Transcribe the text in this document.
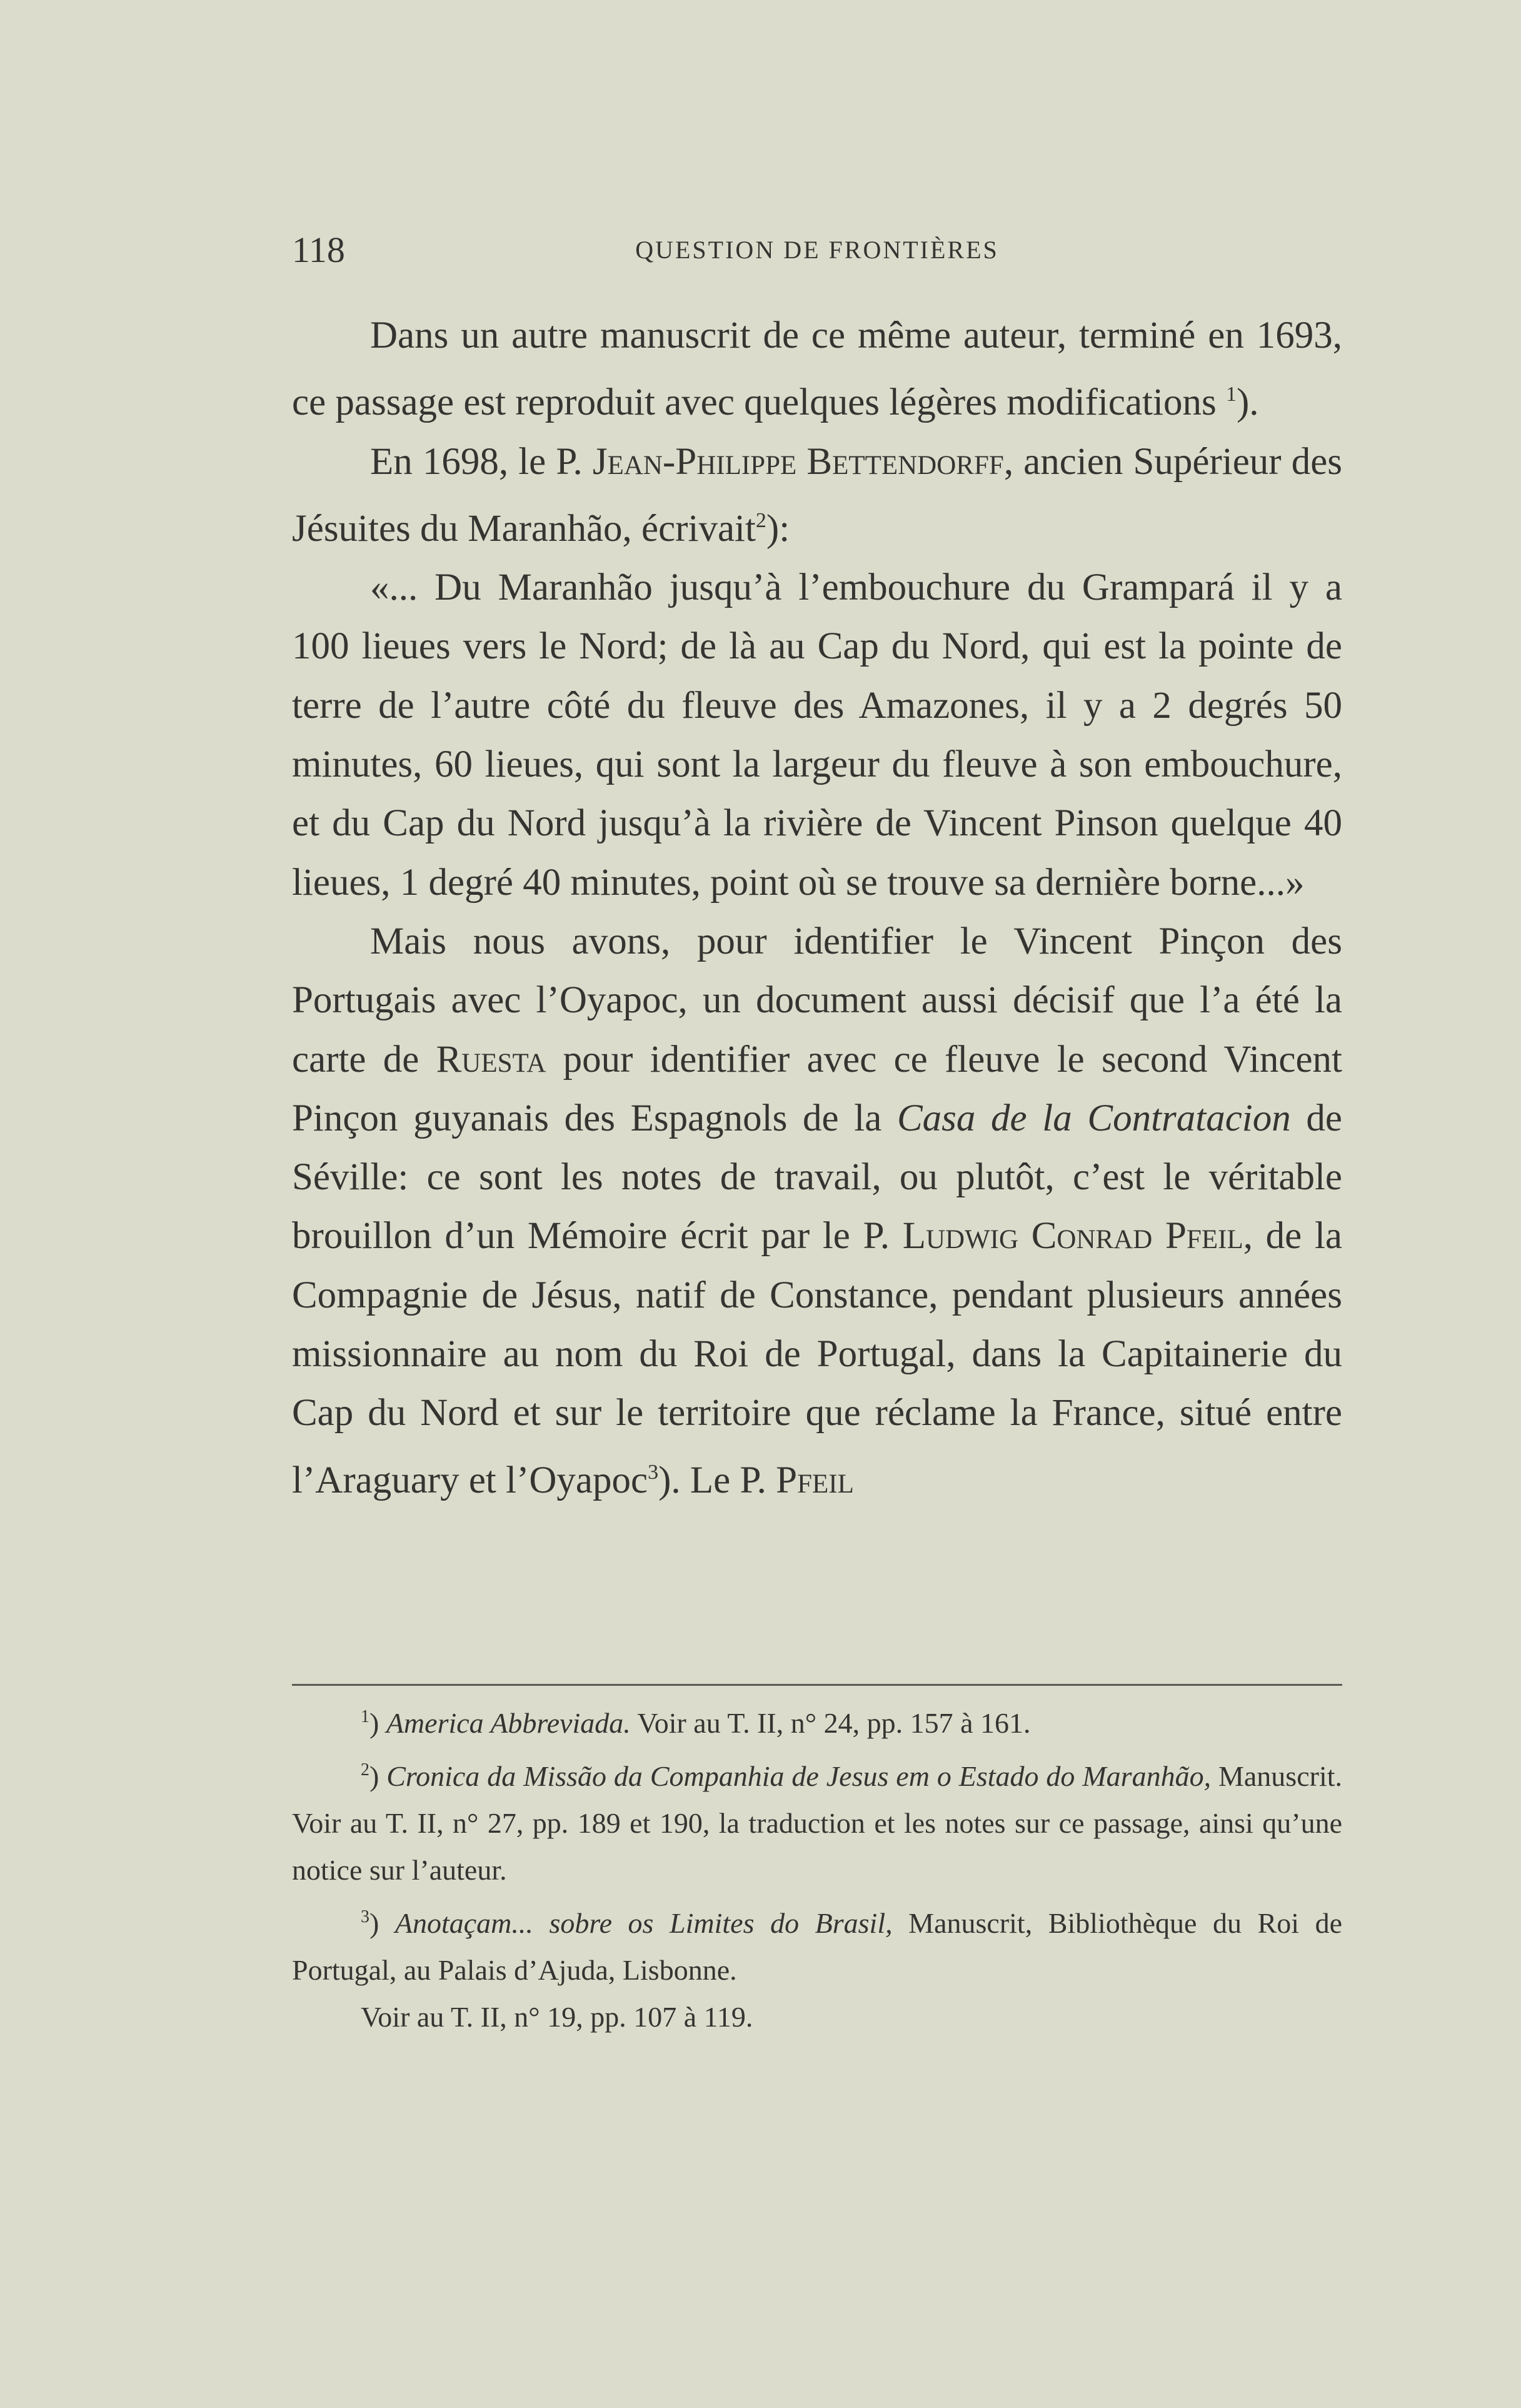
118	QUESTION DE FRONTIÈRES

Dans un autre manuscrit de ce même auteur, terminé en 1693, ce passage est reproduit avec quelques légères modifications $^1$).

En 1698, le P. Jean-Philippe Bettendorff, ancien Supérieur des Jésuites du Maranhão, écrivait$^2$):

«... Du Maranhão jusqu’à l’embouchure du Grampará il y a 100 lieues vers le Nord; de là au Cap du Nord, qui est la pointe de terre de l’autre côté du fleuve des Amazones, il y a 2 degrés 50 minutes, 60 lieues, qui sont la largeur du fleuve à son embouchure, et du Cap du Nord jusqu’à la rivière de Vincent Pinson quelque 40 lieues, 1 degré 40 minutes, point où se trouve sa dernière borne...»

Mais nous avons, pour identifier le Vincent Pinçon des Portugais avec l’Oyapoc, un document aussi décisif que l’a été la carte de Ruesta pour identifier avec ce fleuve le second Vincent Pinçon guyanais des Espagnols de la Casa de la Contratacion de Séville: ce sont les notes de travail, ou plutôt, c’est le véritable brouillon d’un Mémoire écrit par le P. Ludwig Conrad Pfeil, de la Compagnie de Jésus, natif de Constance, pendant plusieurs années missionnaire au nom du Roi de Portugal, dans la Capitainerie du Cap du Nord et sur le territoire que réclame la France, situé entre l’Araguary et l’Oyapoc$^3$). Le P. Pfeil

$^1$) America Abbreviada. Voir au T. II, n° 24, pp. 157 à 161.

$^2$) Cronica da Missão da Companhia de Jesus em o Estado do Maranhão, Manuscrit. Voir au T. II, n° 27, pp. 189 et 190, la traduction et les notes sur ce passage, ainsi qu’une notice sur l’auteur.

$^3$) Anotaçam... sobre os Limites do Brasil, Manuscrit, Bibliothèque du Roi de Portugal, au Palais d’Ajuda, Lisbonne.

Voir au T. II, n° 19, pp. 107 à 119.
